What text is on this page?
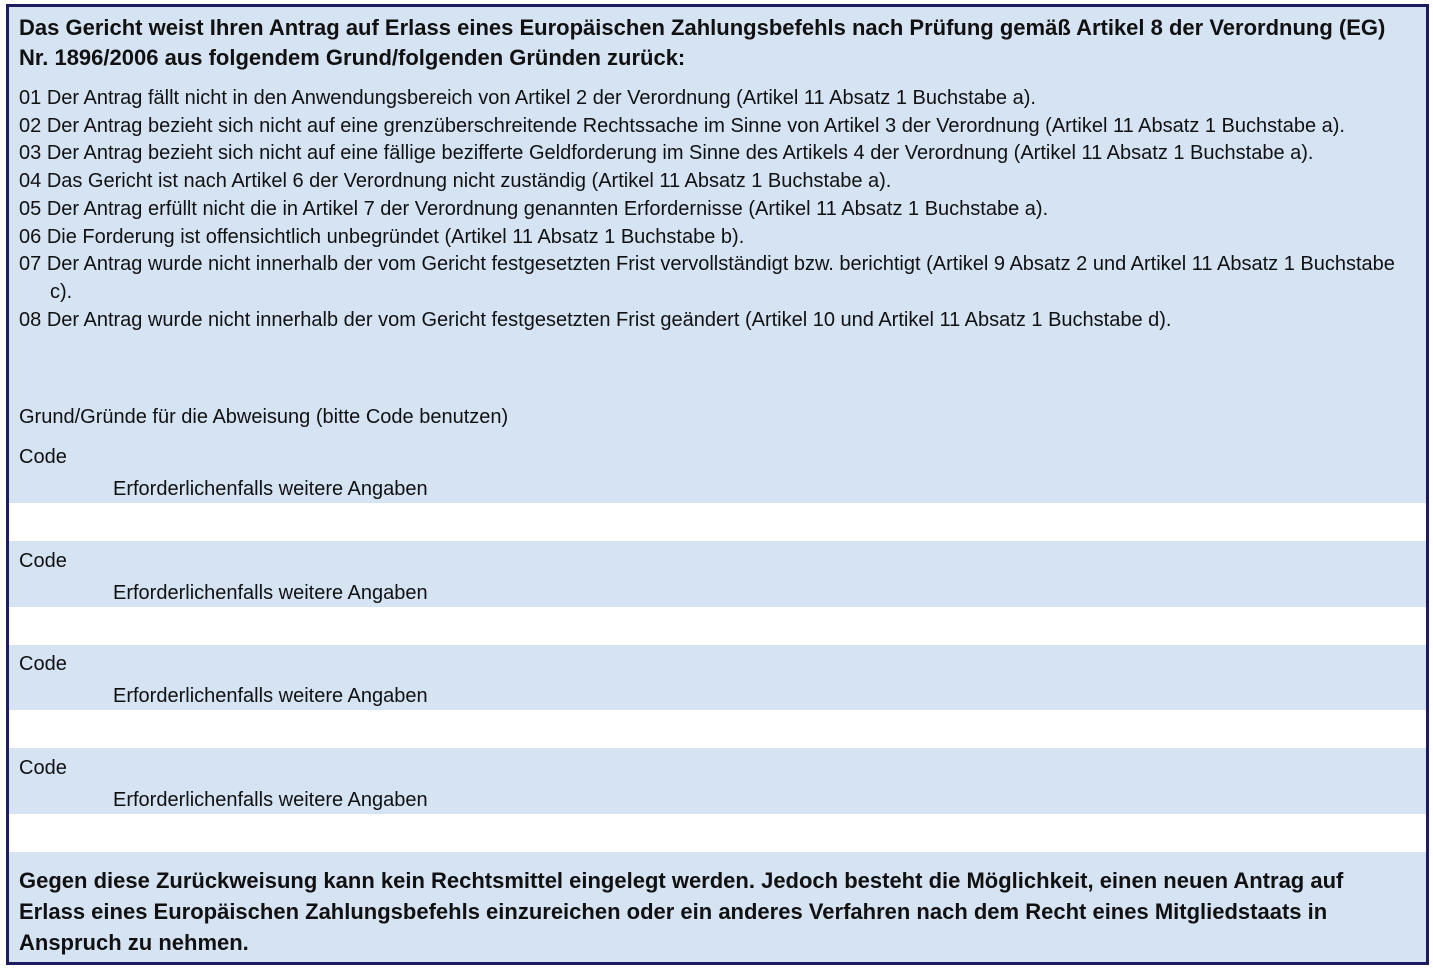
Das Gericht weist Ihren Antrag auf Erlass eines Europäischen Zahlungsbefehls nach Prüfung gemäß Artikel 8 der Verordnung (EG) Nr. 1896/2006 aus folgendem Grund/folgenden Gründen zurück:

01 Der Antrag fällt nicht in den Anwendungsbereich von Artikel 2 der Verordnung (Artikel 11 Absatz 1 Buchstabe a).
02 Der Antrag bezieht sich nicht auf eine grenzüberschreitende Rechtssache im Sinne von Artikel 3 der Verordnung (Artikel 11 Absatz 1 Buchstabe a).
03 Der Antrag bezieht sich nicht auf eine fällige bezifferte Geldforderung im Sinne des Artikels 4 der Verordnung (Artikel 11 Absatz 1 Buchstabe a).
04 Das Gericht ist nach Artikel 6 der Verordnung nicht zuständig (Artikel 11 Absatz 1 Buchstabe a).
05 Der Antrag erfüllt nicht die in Artikel 7 der Verordnung genannten Erfordernisse (Artikel 11 Absatz 1 Buchstabe a).
06 Die Forderung ist offensichtlich unbegründet (Artikel 11 Absatz 1 Buchstabe b).
07 Der Antrag wurde nicht innerhalb der vom Gericht festgesetzten Frist vervollständigt bzw. berichtigt (Artikel 9 Absatz 2 und Artikel 11 Absatz 1 Buchstabe c).
08 Der Antrag wurde nicht innerhalb der vom Gericht festgesetzten Frist geändert (Artikel 10 und Artikel 11 Absatz 1 Buchstabe d).
Grund/Gründe für die Abweisung (bitte Code benutzen)
Code
Erforderlichenfalls weitere Angaben
Code
Erforderlichenfalls weitere Angaben
Code
Erforderlichenfalls weitere Angaben
Code
Erforderlichenfalls weitere Angaben

Gegen diese Zurückweisung kann kein Rechtsmittel eingelegt werden. Jedoch besteht die Möglichkeit, einen neuen Antrag auf Erlass eines Europäischen Zahlungsbefehls einzureichen oder ein anderes Verfahren nach dem Recht eines Mitgliedstaats in Anspruch zu nehmen.
